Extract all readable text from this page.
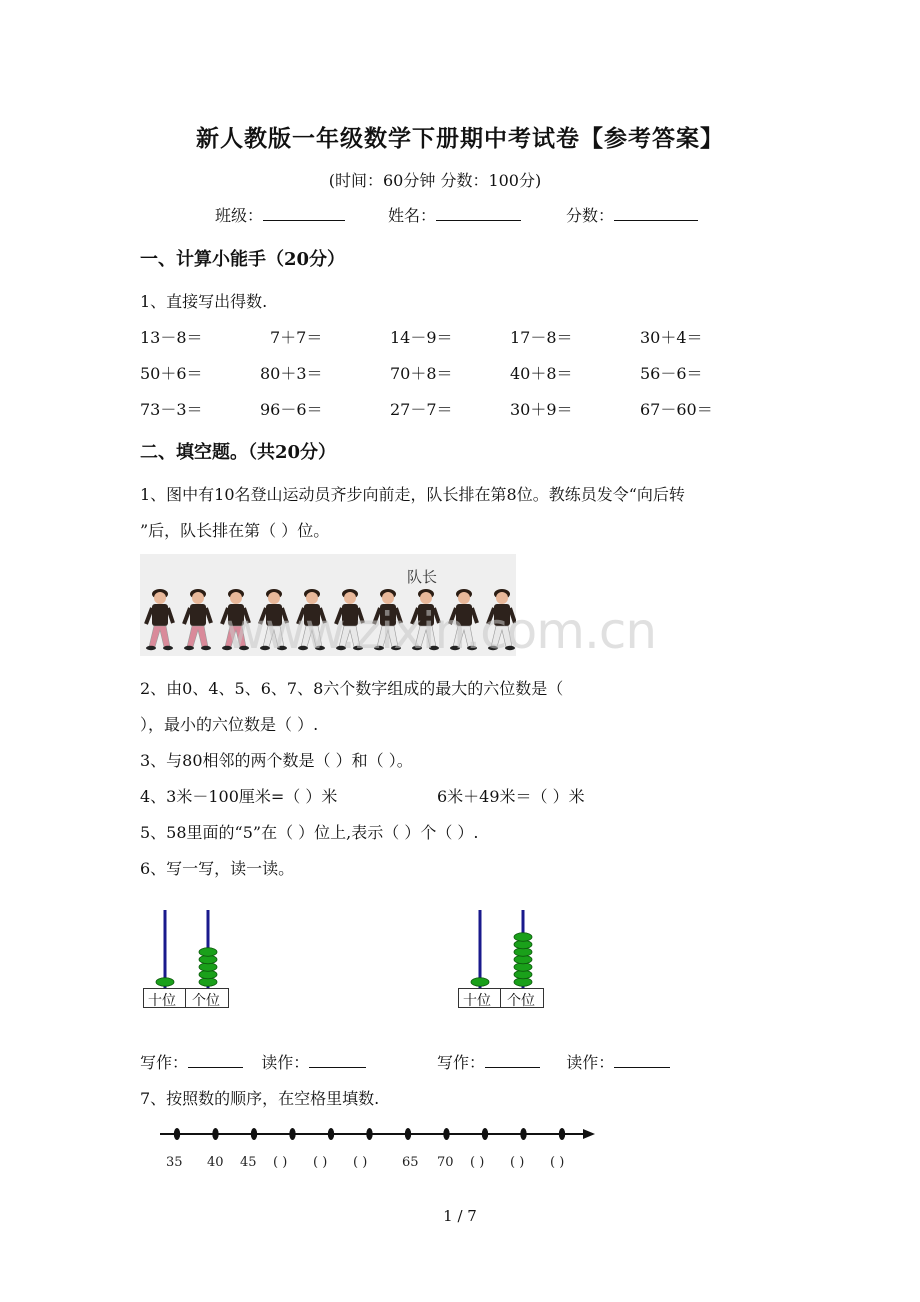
新人教版一年级数学下册期中考试卷【参考答案】
(时间：60分钟 分数：100分)
班级：	姓名：	分数：
一、计算小能手（20分）
1、直接写出得数.
13－8＝	7＋7＝	14－9＝	17－8＝	30＋4＝
50＋6＝	80＋3＝	70＋8＝	40＋8＝	56－6＝
73－3＝	96－6＝	27－7＝	30＋9＝	67－60＝
二、填空题。（共20分）
1、图中有10名登山运动员齐步向前走，队长排在第8位。教练员发令“向后转
”后，队长排在第（ ）位。
队长
www.zixin.com.cn
2、由0、4、5、6、7、8六个数字组成的最大的六位数是（
），最小的六位数是（ ）.
3、与80相邻的两个数是（ ）和（ ）。
4、3米－100厘米=（ ）米	6米＋49米＝（ ）米
5、58里面的“5”在（ ）位上,表示（ ）个（ ）.
6、写一写，读一读。
十位 个位	十位 个位
写作：	读作：	写作：	读作：
7、按照数的顺序，在空格里填数.
35 40 45 ( ) ( ) ( )	65 70 ( ) ( ) ( )
1 / 7
